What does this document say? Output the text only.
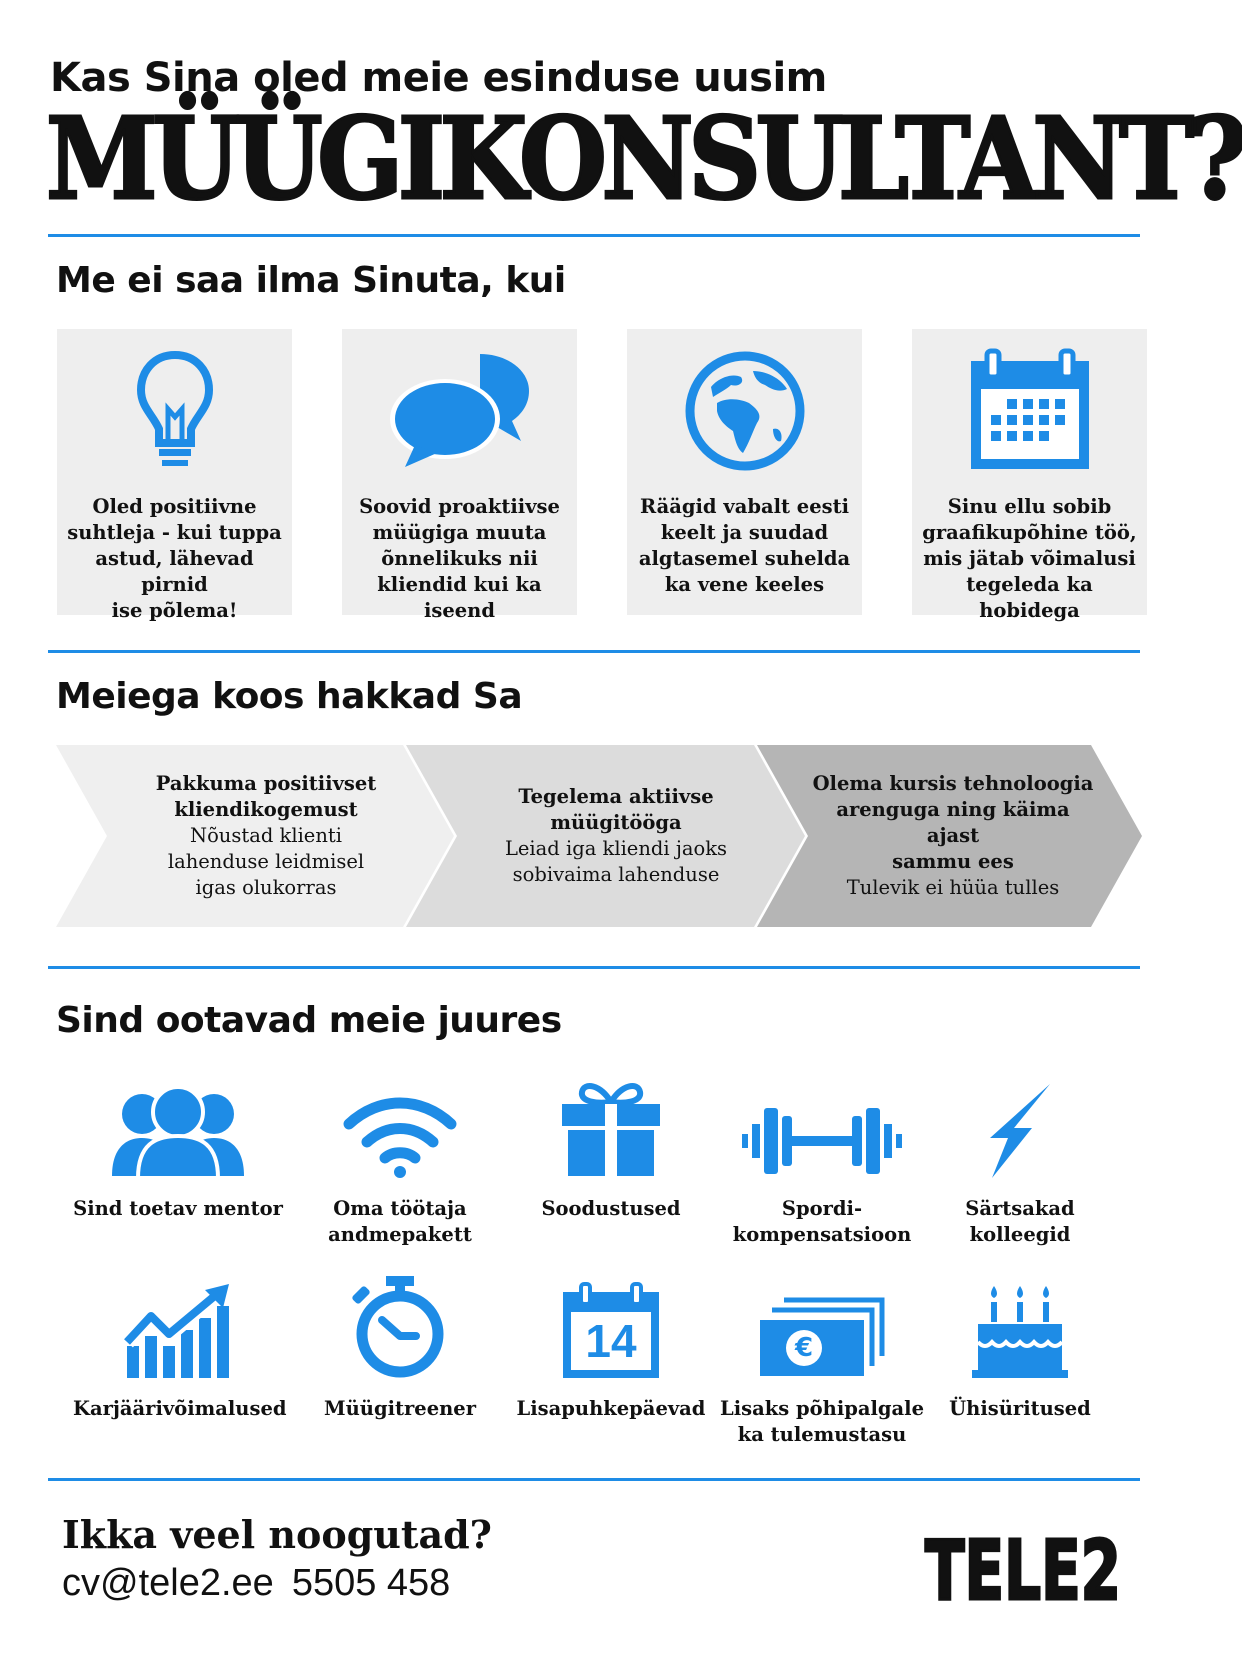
Kas Sina oled meie esinduse uusim
MÜÜGIKONSULTANT?
Me ei saa ilma Sinuta, kui
Oled positiivne
suhtleja - kui tuppa
astud, lähevad pirnid
ise põlema!
Soovid proaktiivse
müügiga muuta
õnnelikuks nii
kliendid kui ka iseend
Räägid vabalt eesti
keelt ja suudad
algtasemel suhelda
ka vene keeles
Sinu ellu sobib
graafikupõhine töö,
mis jätab võimalusi
tegeleda ka hobidega
Meiega koos hakkad Sa
Pakkuma positiivset
kliendikogemust
Nõustad klienti
lahenduse leidmisel
igas olukorras
Tegelema aktiivse
müügitööga
Leiad iga kliendi jaoks
sobivaima lahenduse
Olema kursis tehnoloogia
arenguga ning käima ajast
sammu ees
Tulevik ei hüüa tulles
Sind ootavad meie juures
Sind toetav mentor	Oma töötaja
andmepakett
Soodustused	Spordi-
kompensatsioon
Särtsakad kolleegid
Karjäärivõimalused	Müügitreener
14
Lisapuhkepäevad
€
Lisaks põhipalgale
ka tulemustasu
Ühisüritused
Ikka veel noogutad?
cv@tele2.ee 5505 458	TELE2
